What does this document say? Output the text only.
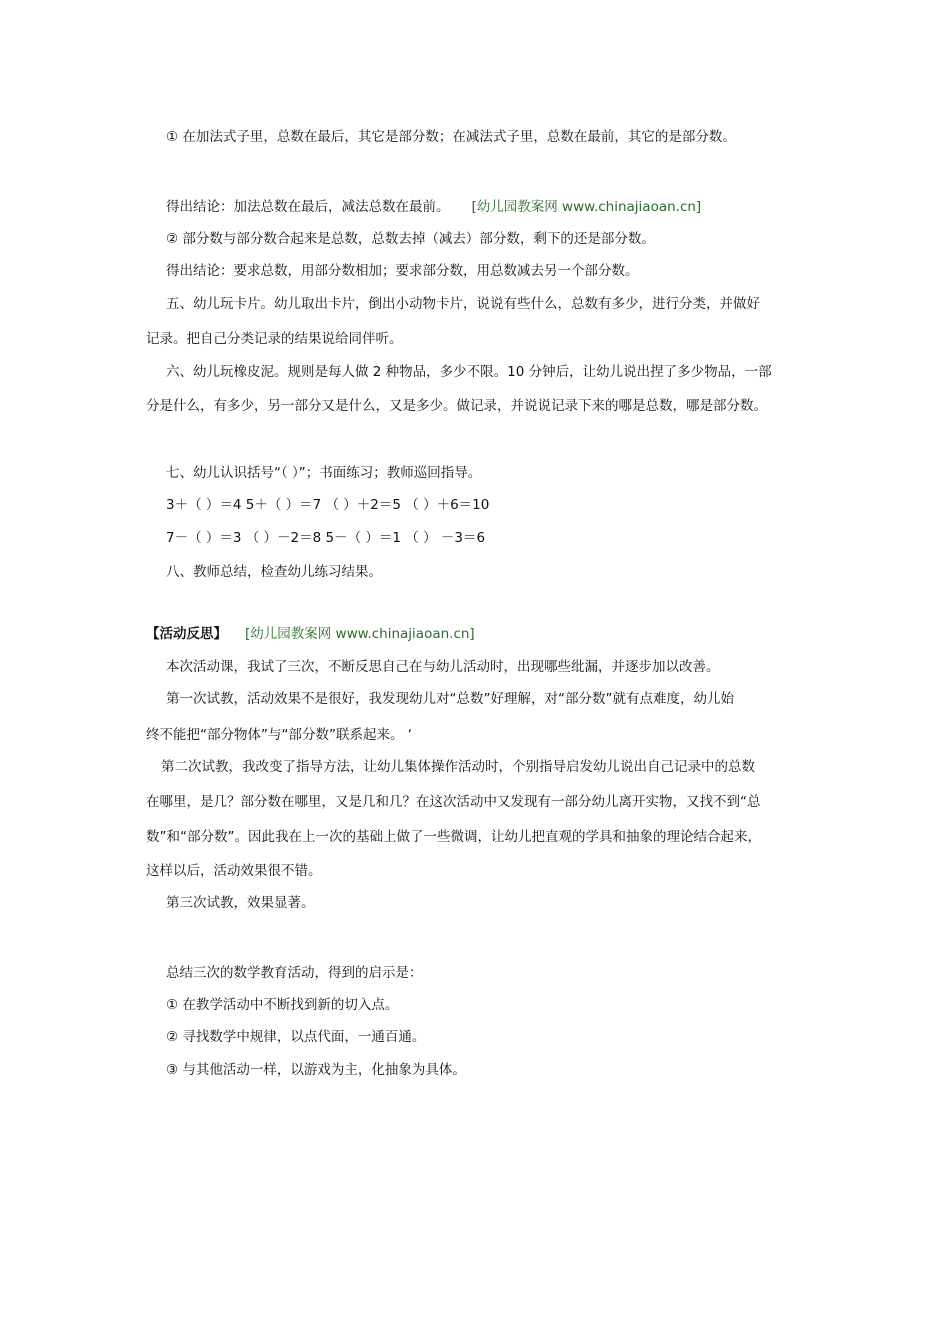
① 在加法式子里，总数在最后，其它是部分数；在减法式子里，总数在最前，其它的是部分数。
得出结论：加法总数在最后，减法总数在最前。 [幼儿园教案网 www.chinajiaoan.cn]
② 部分数与部分数合起来是总数，总数去掉（减去）部分数，剩下的还是部分数。
得出结论：要求总数，用部分数相加；要求部分数，用总数减去另一个部分数。
五、幼儿玩卡片。幼儿取出卡片，倒出小动物卡片，说说有些什么，总数有多少，进行分类，并做好
记录。把自己分类记录的结果说给同伴听。
六、幼儿玩橡皮泥。规则是每人做 2 种物品，多少不限。10 分钟后，让幼儿说出捏了多少物品，一部
分是什么，有多少，另一部分又是什么，又是多少。做记录，并说说记录下来的哪是总数，哪是部分数。
七、幼儿认识括号“（ ）”；书面练习；教师巡回指导。
3＋（ ）＝4 5＋（ ）＝7 （ ）＋2＝5 （ ）＋6＝10
7－（ ）＝3 （ ）－2＝8 5－（ ）＝1 （ ） －3＝6
八、教师总结，检查幼儿练习结果。
【活动反思】 [幼儿园教案网 www.chinajiaoan.cn]
本次活动课，我试了三次，不断反思自己在与幼儿活动时，出现哪些纰漏，并逐步加以改善。
第一次试教，活动效果不是很好，我发现幼儿对“总数”好理解，对“部分数”就有点难度，幼儿始
终不能把“部分物体”与“部分数”联系起来。 ‘
第二次试教，我改变了指导方法，让幼儿集体操作活动时，个别指导启发幼儿说出自己记录中的总数
在哪里，是几？部分数在哪里，又是几和几？在这次活动中又发现有一部分幼儿离开实物，又找不到“总
数”和“部分数”。因此我在上一次的基础上做了一些微调，让幼儿把直观的学具和抽象的理论结合起来，
这样以后，活动效果很不错。
第三次试教，效果显著。
总结三次的数学教育活动，得到的启示是：
① 在教学活动中不断找到新的切入点。
② 寻找数学中规律，以点代面，一通百通。
③ 与其他活动一样，以游戏为主，化抽象为具体。
